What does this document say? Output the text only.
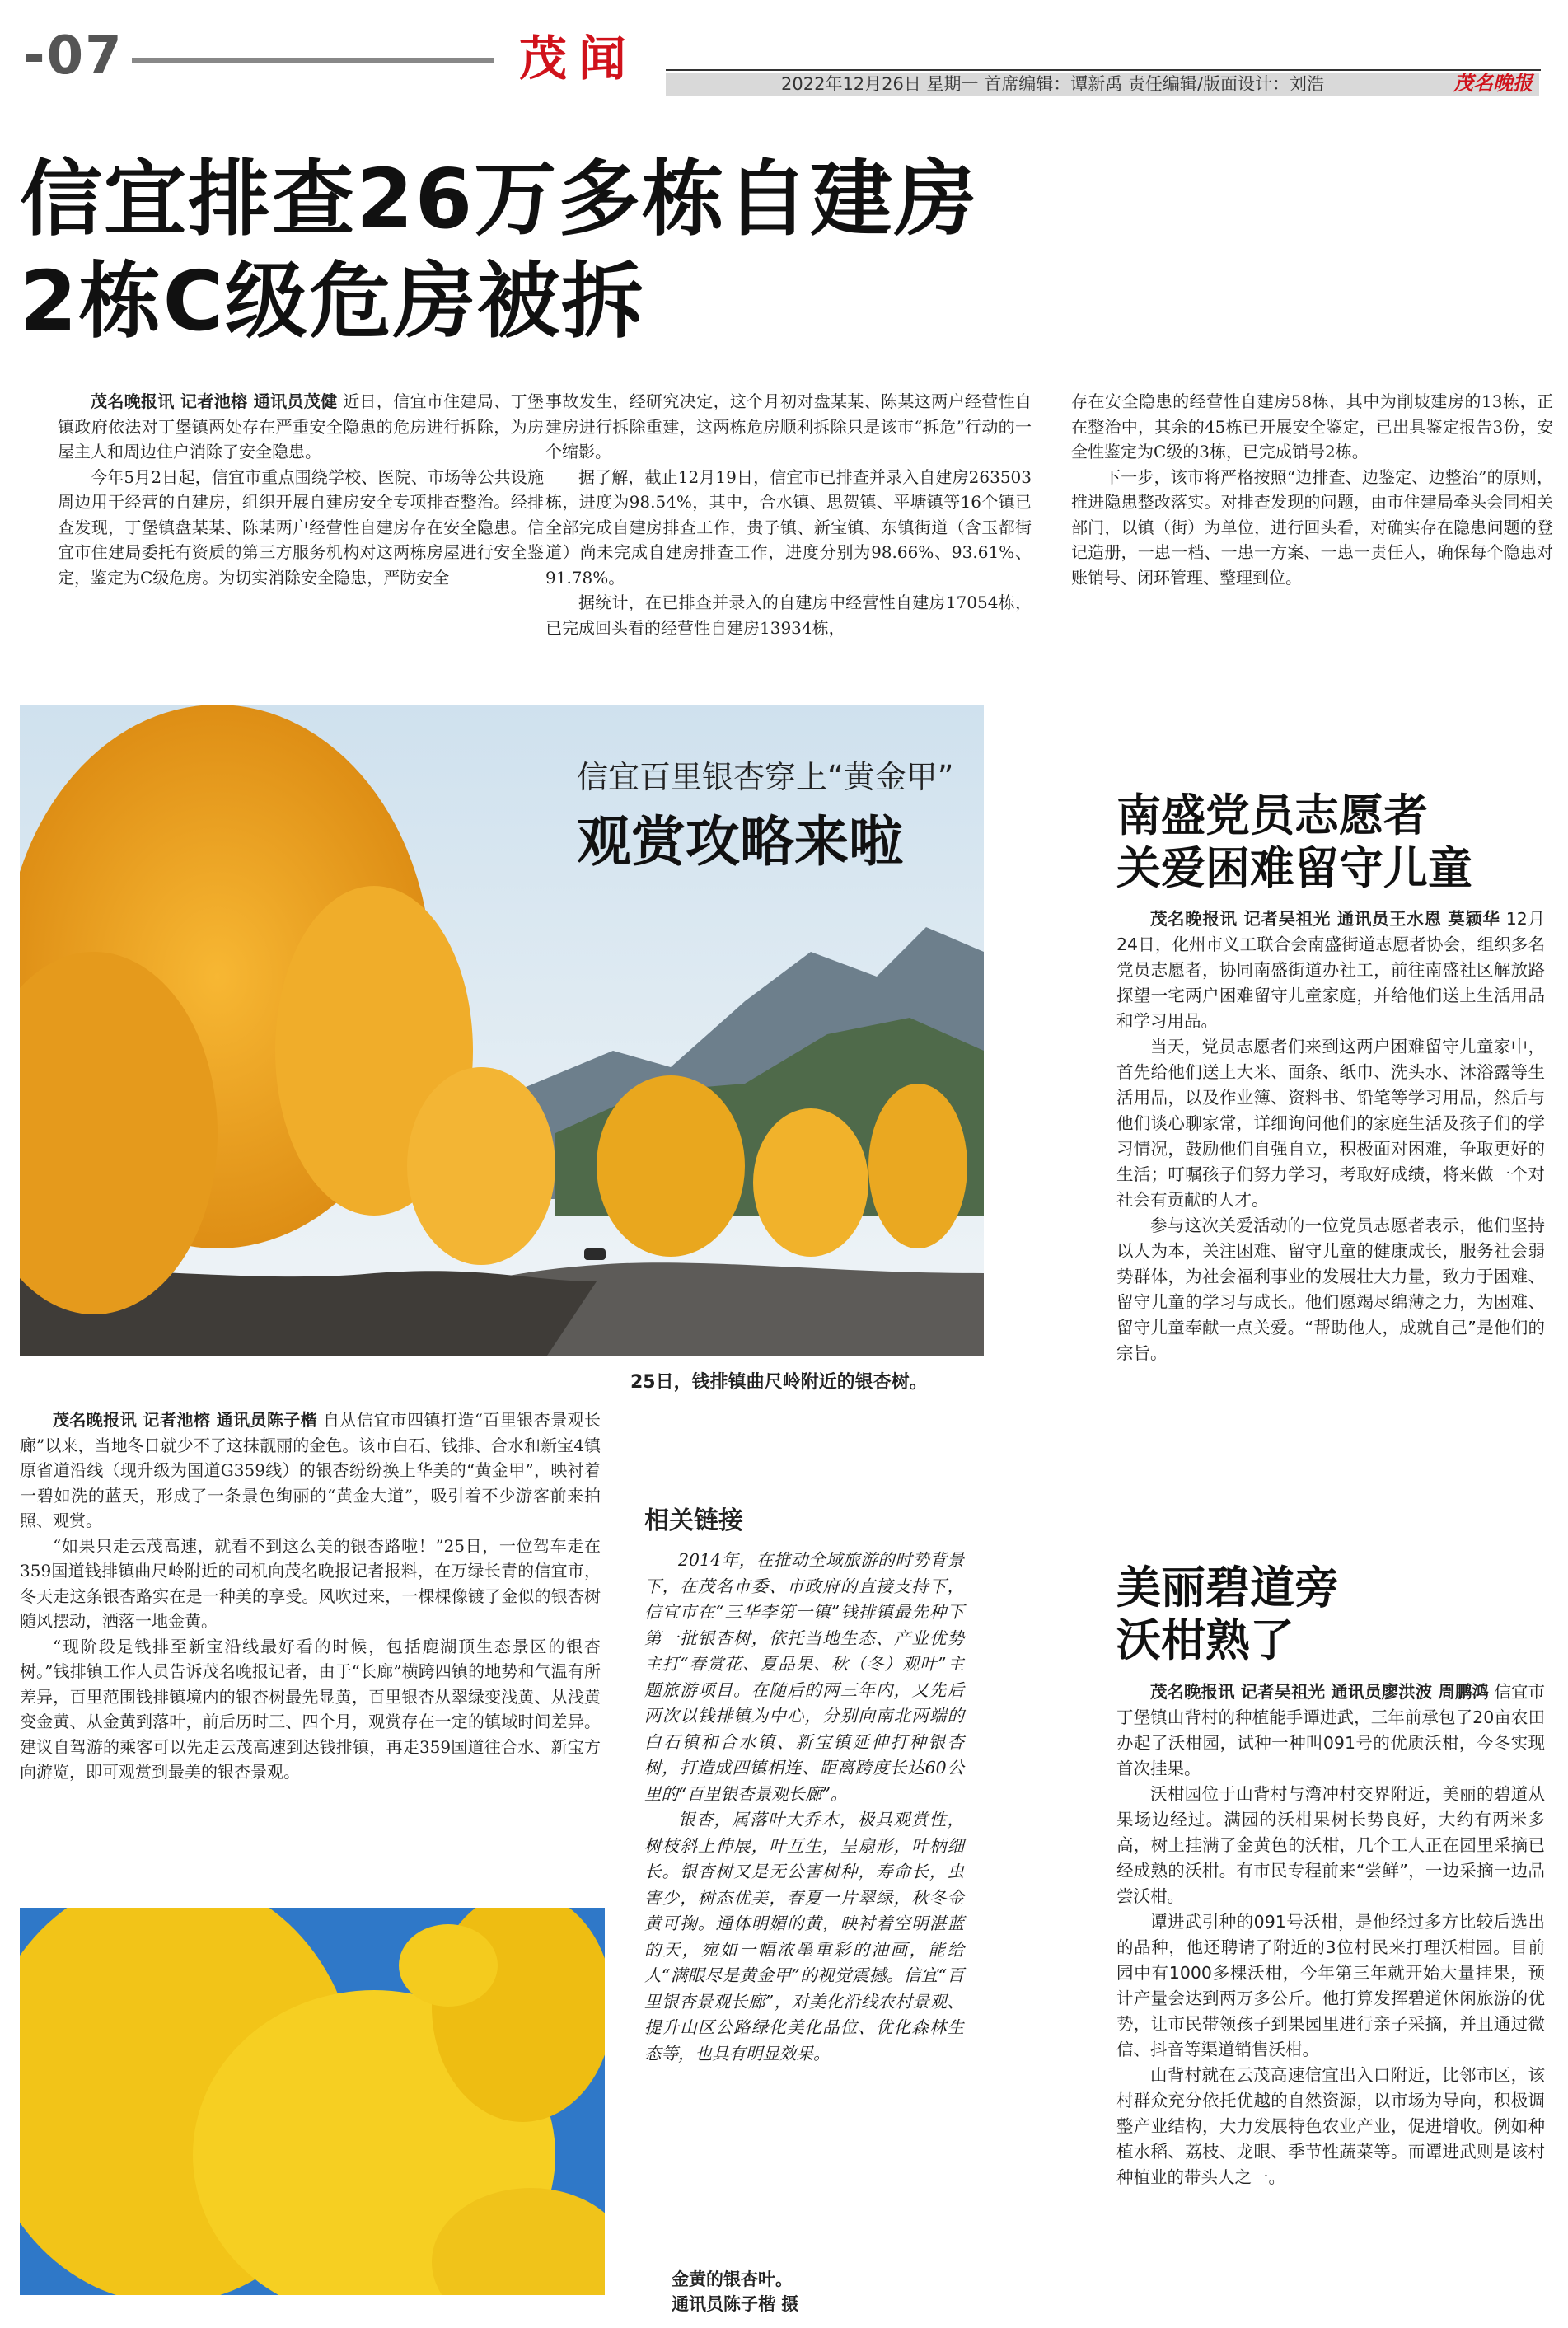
-07	茂闻	2022年12月26日 星期一 首席编辑：谭新禹 责任编辑/版面设计：刘浩	茂名晚报
信宜排查26万多栋自建房
2栋C级危房被拆

茂名晚报讯 记者池榕 通讯员茂健 近日，信宜市住建局、丁堡镇政府依法对丁堡镇两处存在严重安全隐患的危房进行拆除，为房屋主人和周边住户消除了安全隐患。

今年5月2日起，信宜市重点围绕学校、医院、市场等公共设施周边用于经营的自建房，组织开展自建房安全专项排查整治。经排查发现，丁堡镇盘某某、陈某两户经营性自建房存在安全隐患。信宜市住建局委托有资质的第三方服务机构对这两栋房屋进行安全鉴定，鉴定为C级危房。为切实消除安全隐患，严防安全

事故发生，经研究决定，这个月初对盘某某、陈某这两户经营性自建房进行拆除重建，这两栋危房顺利拆除只是该市“拆危”行动的一个缩影。

据了解，截止12月19日，信宜市已排查并录入自建房263503栋，进度为98.54%，其中，合水镇、思贺镇、平塘镇等16个镇已全部完成自建房排查工作，贵子镇、新宝镇、东镇街道（含玉都街道）尚未完成自建房排查工作，进度分别为98.66%、93.61%、91.78%。

据统计，在已排查并录入的自建房中经营性自建房17054栋，已完成回头看的经营性自建房13934栋，

存在安全隐患的经营性自建房58栋，其中为削坡建房的13栋，正在整治中，其余的45栋已开展安全鉴定，已出具鉴定报告3份，安全性鉴定为C级的3栋，已完成销号2栋。

下一步，该市将严格按照“边排查、边鉴定、边整治”的原则，推进隐患整改落实。对排查发现的问题，由市住建局牵头会同相关部门，以镇（街）为单位，进行回头看，对确实存在隐患问题的登记造册，一患一档、一患一方案、一患一责任人，确保每个隐患对账销号、闭环管理、整理到位。

信宜百里银杏穿上“黄金甲”
观赏攻略来啦
25日，钱排镇曲尺岭附近的银杏树。

茂名晚报讯 记者池榕 通讯员陈子楷 自从信宜市四镇打造“百里银杏景观长廊”以来，当地冬日就少不了这抹靓丽的金色。该市白石、钱排、合水和新宝4镇原省道沿线（现升级为国道G359线）的银杏纷纷换上华美的“黄金甲”，映衬着一碧如洗的蓝天，形成了一条景色绚丽的“黄金大道”，吸引着不少游客前来拍照、观赏。

“如果只走云茂高速，就看不到这么美的银杏路啦！”25日，一位驾车走在359国道钱排镇曲尺岭附近的司机向茂名晚报记者报料，在万绿长青的信宜市，冬天走这条银杏路实在是一种美的享受。风吹过来，一棵棵像镀了金似的银杏树随风摆动，洒落一地金黄。

“现阶段是钱排至新宝沿线最好看的时候，包括鹿湖顶生态景区的银杏树。”钱排镇工作人员告诉茂名晚报记者，由于“长廊”横跨四镇的地势和气温有所差异，百里范围钱排镇境内的银杏树最先显黄，百里银杏从翠绿变浅黄、从浅黄变金黄、从金黄到落叶，前后历时三、四个月，观赏存在一定的镇域时间差异。建议自驾游的乘客可以先走云茂高速到达钱排镇，再走359国道往合水、新宝方向游览，即可观赏到最美的银杏景观。

相关链接

2014年，在推动全域旅游的时势背景下，在茂名市委、市政府的直接支持下，信宜市在“三华李第一镇”钱排镇最先种下第一批银杏树，依托当地生态、产业优势主打“春赏花、夏品果、秋（冬）观叶”主题旅游项目。在随后的两三年内，又先后两次以钱排镇为中心，分别向南北两端的白石镇和合水镇、新宝镇延伸打种银杏树，打造成四镇相连、距离跨度长达60公里的“百里银杏景观长廊”。

银杏，属落叶大乔木，极具观赏性，树枝斜上伸展，叶互生，呈扇形，叶柄细长。银杏树又是无公害树种，寿命长，虫害少，树态优美，春夏一片翠绿，秋冬金黄可掬。通体明媚的黄，映衬着空明湛蓝的天，宛如一幅浓墨重彩的油画，能给人“满眼尽是黄金甲”的视觉震撼。信宜“百里银杏景观长廊”，对美化沿线农村景观、提升山区公路绿化美化品位、优化森林生态等，也具有明显效果。

金黄的银杏叶。
通讯员陈子楷 摄
南盛党员志愿者
关爱困难留守儿童

茂名晚报讯 记者吴祖光 通讯员王水恩 莫颖华 12月24日，化州市义工联合会南盛街道志愿者协会，组织多名党员志愿者，协同南盛街道办社工，前往南盛社区解放路探望一宅两户困难留守儿童家庭，并给他们送上生活用品和学习用品。

当天，党员志愿者们来到这两户困难留守儿童家中，首先给他们送上大米、面条、纸巾、洗头水、沐浴露等生活用品，以及作业簿、资料书、铅笔等学习用品，然后与他们谈心聊家常，详细询问他们的家庭生活及孩子们的学习情况，鼓励他们自强自立，积极面对困难，争取更好的生活；叮嘱孩子们努力学习，考取好成绩，将来做一个对社会有贡献的人才。

参与这次关爱活动的一位党员志愿者表示，他们坚持以人为本，关注困难、留守儿童的健康成长，服务社会弱势群体，为社会福利事业的发展壮大力量，致力于困难、留守儿童的学习与成长。他们愿竭尽绵薄之力，为困难、留守儿童奉献一点关爱。“帮助他人，成就自己”是他们的宗旨。

美丽碧道旁
沃柑熟了

茂名晚报讯 记者吴祖光 通讯员廖洪波 周鹏鸿 信宜市丁堡镇山背村的种植能手谭进武，三年前承包了20亩农田办起了沃柑园，试种一种叫091号的优质沃柑，今冬实现首次挂果。

沃柑园位于山背村与湾冲村交界附近，美丽的碧道从果场边经过。满园的沃柑果树长势良好，大约有两米多高，树上挂满了金黄色的沃柑，几个工人正在园里采摘已经成熟的沃柑。有市民专程前来“尝鲜”，一边采摘一边品尝沃柑。

谭进武引种的091号沃柑，是他经过多方比较后选出的品种，他还聘请了附近的3位村民来打理沃柑园。目前园中有1000多棵沃柑，今年第三年就开始大量挂果，预计产量会达到两万多公斤。他打算发挥碧道休闲旅游的优势，让市民带领孩子到果园里进行亲子采摘，并且通过微信、抖音等渠道销售沃柑。

山背村就在云茂高速信宜出入口附近，比邻市区，该村群众充分依托优越的自然资源，以市场为导向，积极调整产业结构，大力发展特色农业产业，促进增收。例如种植水稻、荔枝、龙眼、季节性蔬菜等。而谭进武则是该村种植业的带头人之一。
